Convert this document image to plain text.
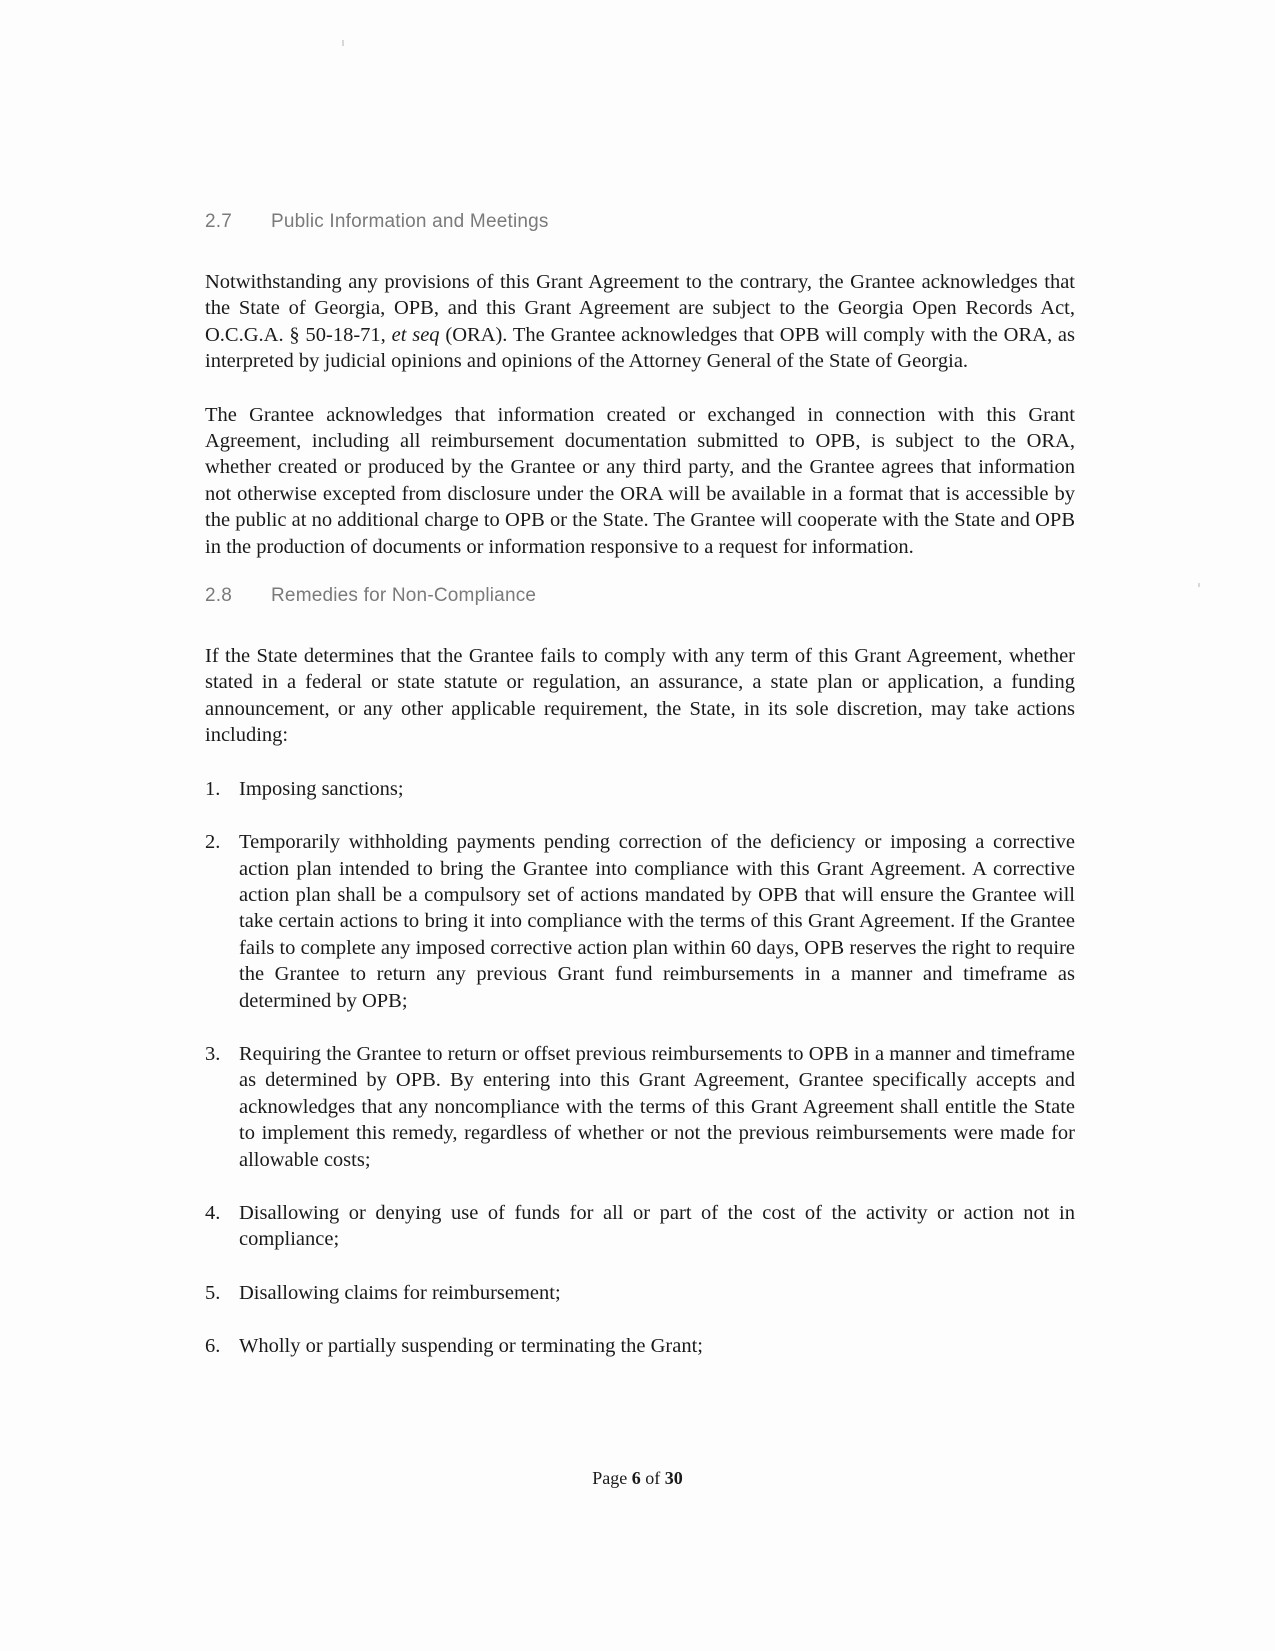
2.7	Public Information and Meetings

Notwithstanding any provisions of this Grant Agreement to the contrary, the Grantee acknowledges that the State of Georgia, OPB, and this Grant Agreement are subject to the Georgia Open Records Act, O.C.G.A. § 50-18-71, et seq (ORA). The Grantee acknowledges that OPB will comply with the ORA, as interpreted by judicial opinions and opinions of the Attorney General of the State of Georgia.

The Grantee acknowledges that information created or exchanged in connection with this Grant Agreement, including all reimbursement documentation submitted to OPB, is subject to the ORA, whether created or produced by the Grantee or any third party, and the Grantee agrees that information not otherwise excepted from disclosure under the ORA will be available in a format that is accessible by the public at no additional charge to OPB or the State. The Grantee will cooperate with the State and OPB in the production of documents or information responsive to a request for information.

2.8	Remedies for Non-Compliance

If the State determines that the Grantee fails to comply with any term of this Grant Agreement, whether stated in a federal or state statute or regulation, an assurance, a state plan or application, a funding announcement, or any other applicable requirement, the State, in its sole discretion, may take actions including:

1. Imposing sanctions;
2. Temporarily withholding payments pending correction of the deficiency or imposing a corrective action plan intended to bring the Grantee into compliance with this Grant Agreement. A corrective action plan shall be a compulsory set of actions mandated by OPB that will ensure the Grantee will take certain actions to bring it into compliance with the terms of this Grant Agreement. If the Grantee fails to complete any imposed corrective action plan within 60 days, OPB reserves the right to require the Grantee to return any previous Grant fund reimbursements in a manner and timeframe as determined by OPB;
3. Requiring the Grantee to return or offset previous reimbursements to OPB in a manner and timeframe as determined by OPB. By entering into this Grant Agreement, Grantee specifically accepts and acknowledges that any noncompliance with the terms of this Grant Agreement shall entitle the State to implement this remedy, regardless of whether or not the previous reimbursements were made for allowable costs;
4. Disallowing or denying use of funds for all or part of the cost of the activity or action not in compliance;
5. Disallowing claims for reimbursement;
6. Wholly or partially suspending or terminating the Grant;
Page 6 of 30
